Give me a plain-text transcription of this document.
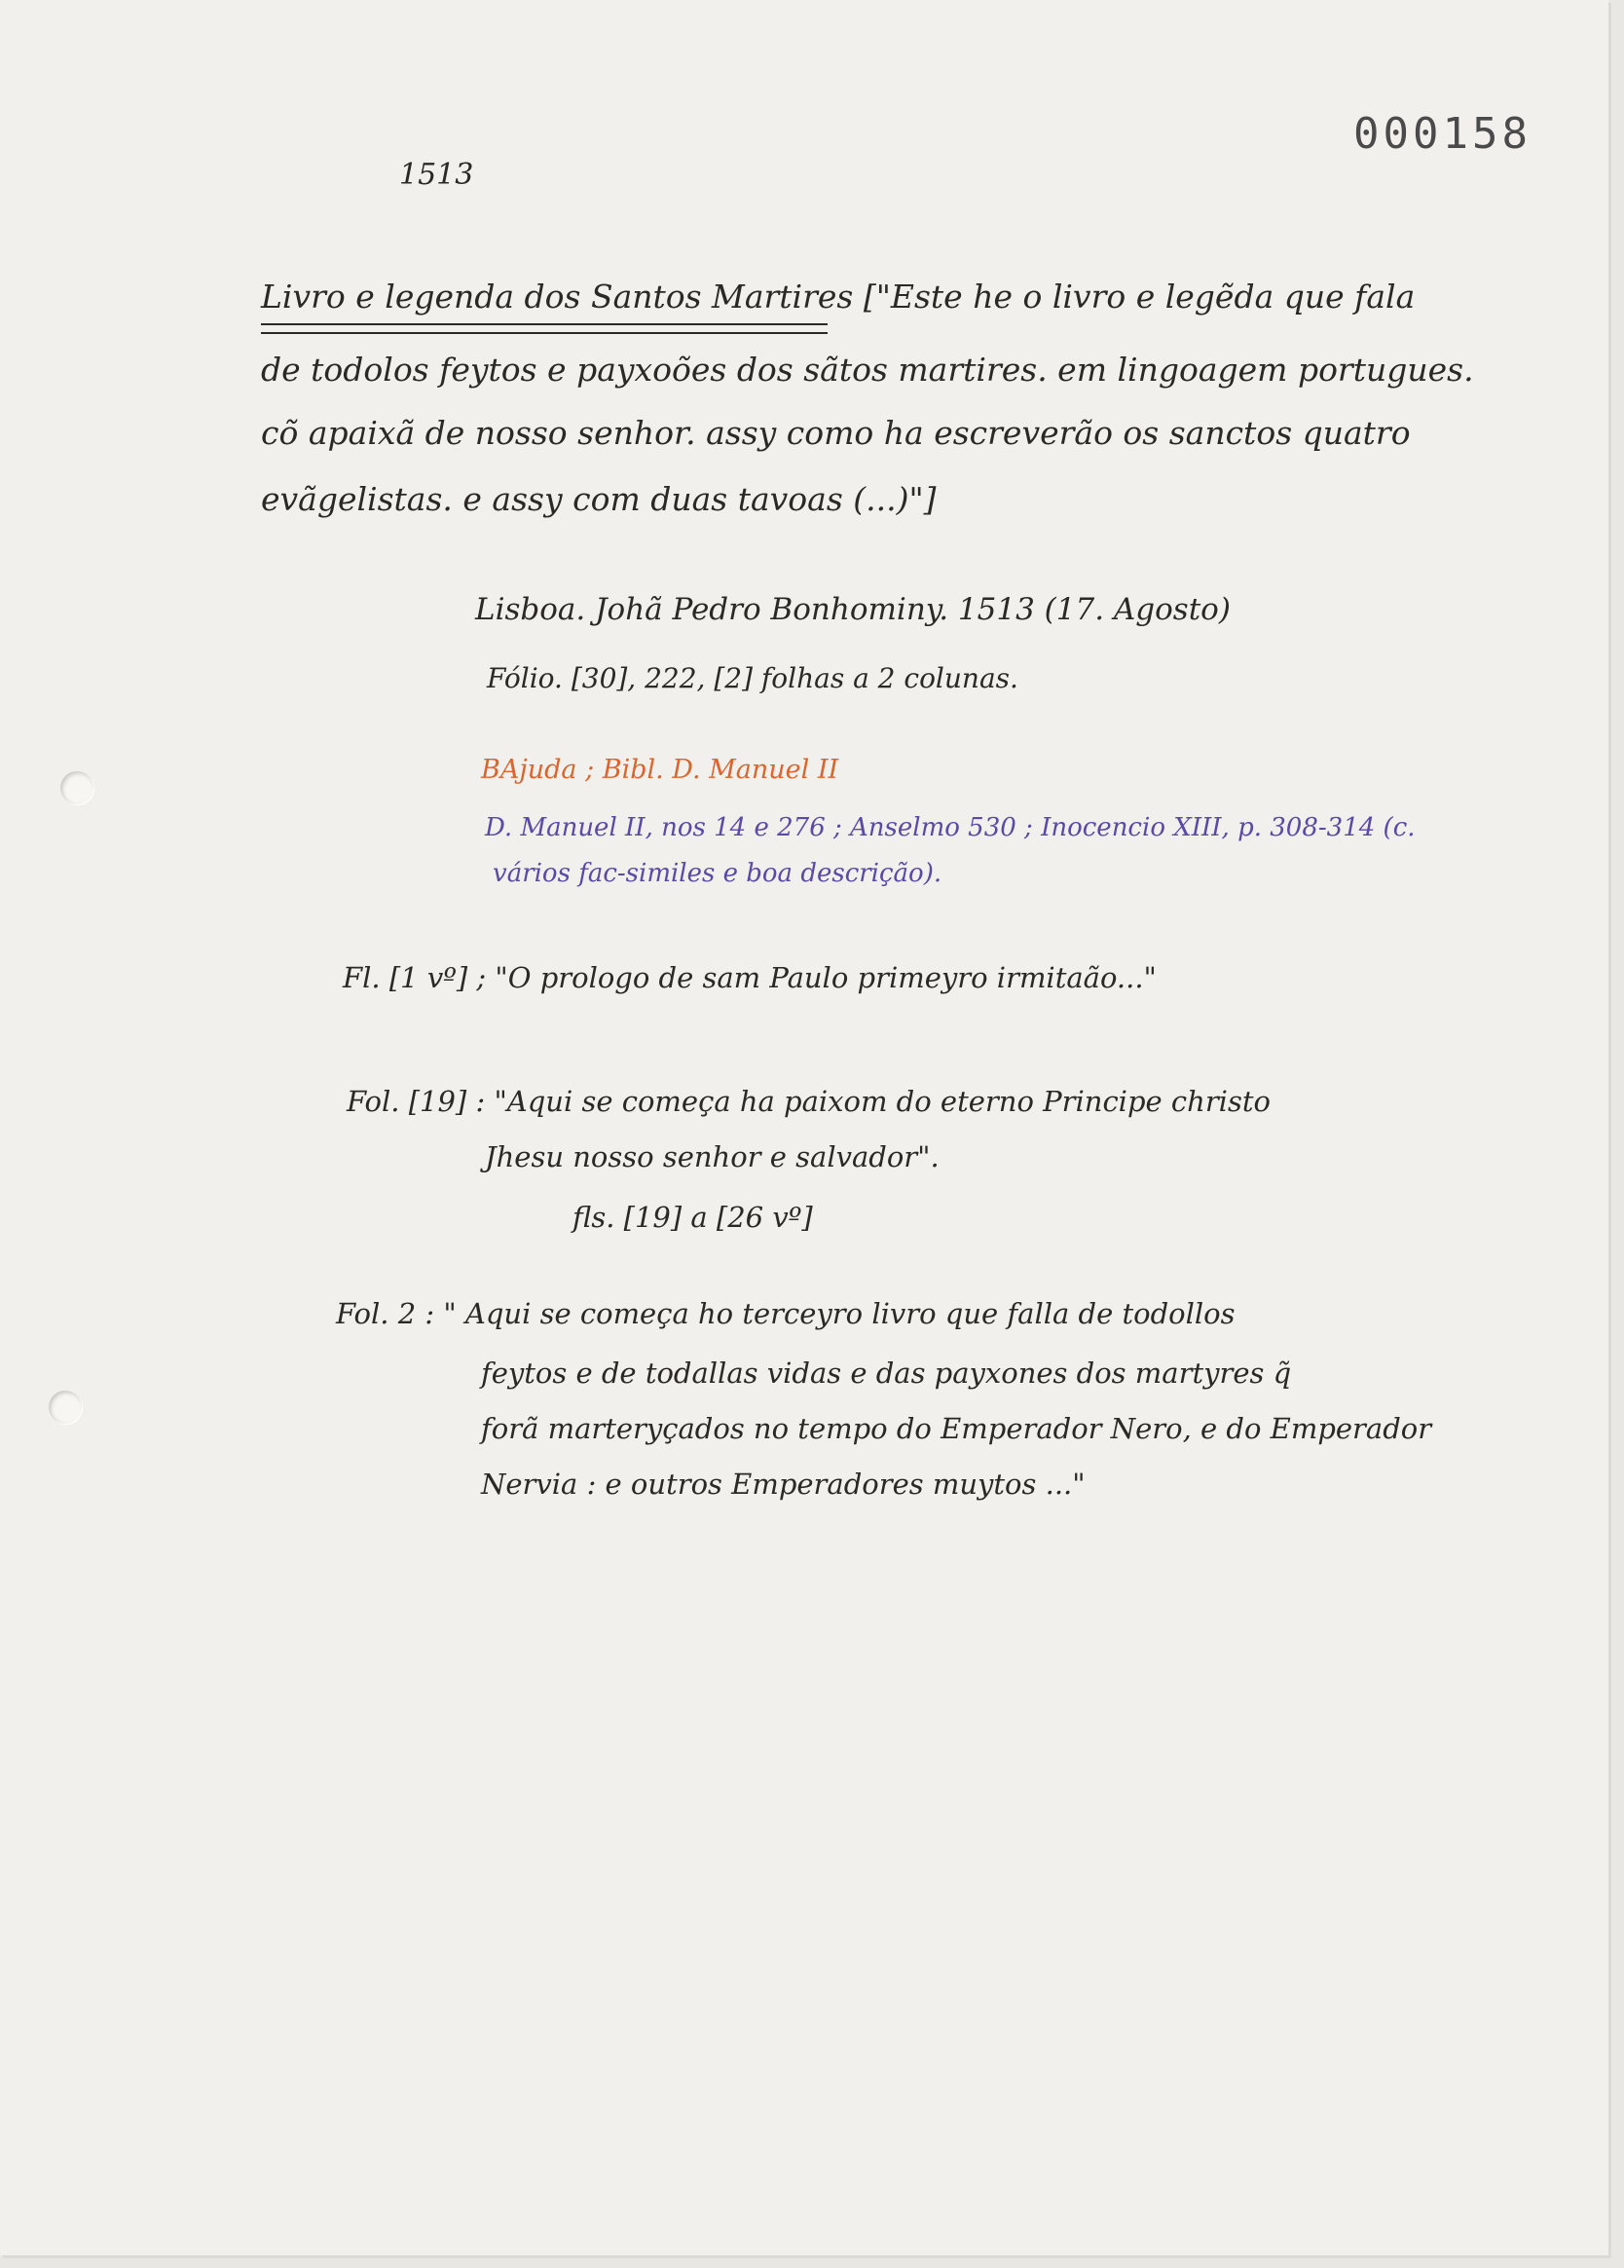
000158
1513
Livro e legenda dos Santos Martires ["Este he o livro e legẽda que fala
de todolos feytos e payxoões dos sãtos martires. em lingoagem portugues.
cõ apaixã de nosso senhor. assy como ha escreverão os sanctos quatro
evãgelistas. e assy com duas tavoas (...)"]
Lisboa. Johã Pedro Bonhominy. 1513 (17. Agosto)
Fólio. [30], 222, [2] folhas a 2 colunas.
BAjuda ; Bibl. D. Manuel II
D. Manuel II, nos 14 e 276 ; Anselmo 530 ; Inocencio XIII, p. 308-314 (c.
vários fac-similes e boa descrição).
Fl. [1 vº] ; "O prologo de sam Paulo primeyro irmitaão..."
Fol. [19] : "Aqui se começa ha paixom do eterno Principe christo
Jhesu nosso senhor e salvador".
fls. [19] a [26 vº]
Fol. 2 : " Aqui se começa ho terceyro livro que falla de todollos
feytos e de todallas vidas e das payxones dos martyres q̃
forã marteryçados no tempo do Emperador Nero, e do Emperador
Nervia : e outros Emperadores muytos ..."
